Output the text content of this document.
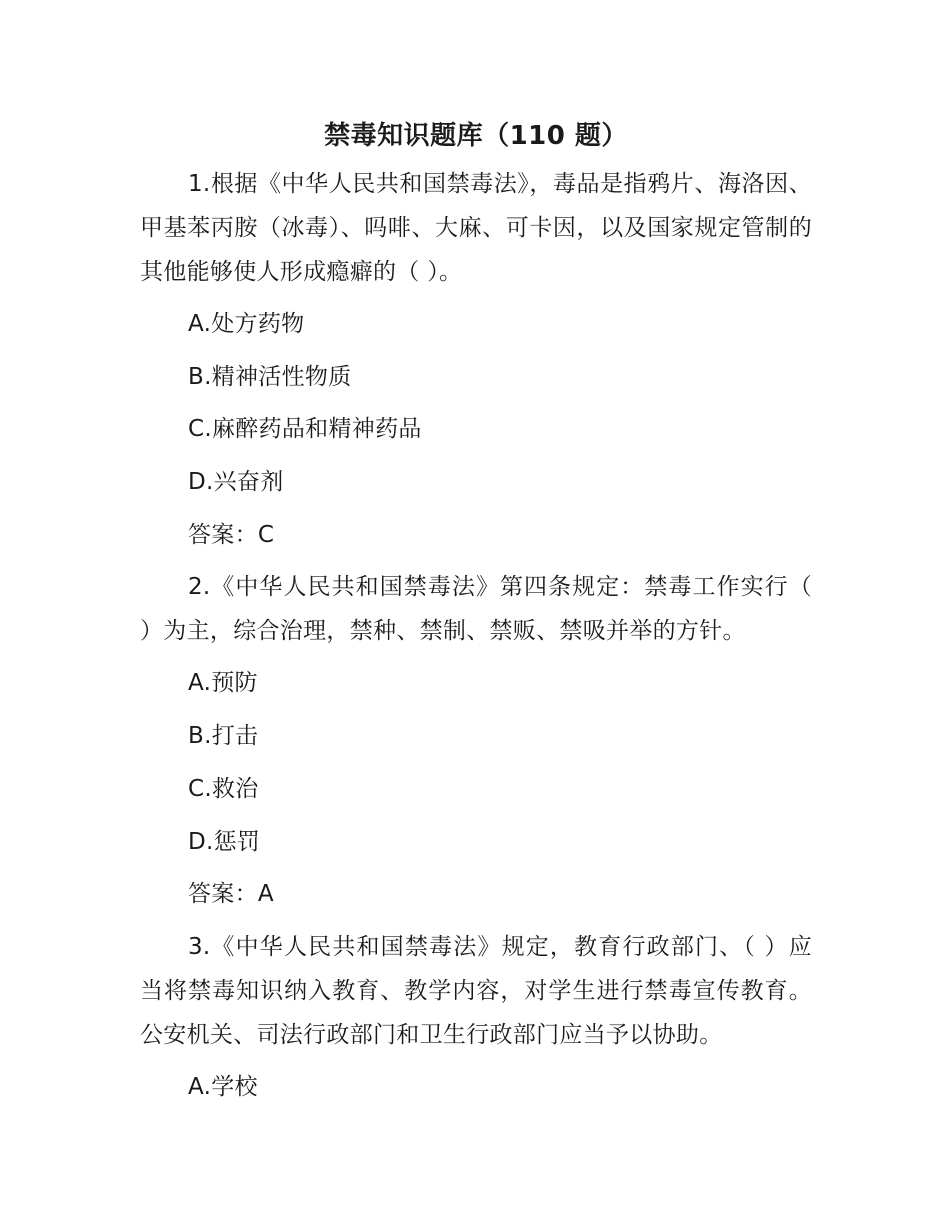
禁毒知识题库（110 题）

1.根据《中华人民共和国禁毒法》，毒品是指鸦片、海洛因、甲基苯丙胺（冰毒）、吗啡、大麻、可卡因，以及国家规定管制的其他能够使人形成瘾癖的（ ）。

A.处方药物

B.精神活性物质

C.麻醉药品和精神药品

D.兴奋剂

答案：C

2.《中华人民共和国禁毒法》第四条规定：禁毒工作实行（ ）为主，综合治理，禁种、禁制、禁贩、禁吸并举的方针。

A.预防

B.打击

C.救治

D.惩罚

答案：A

3.《中华人民共和国禁毒法》规定，教育行政部门、（ ）应当将禁毒知识纳入教育、教学内容，对学生进行禁毒宣传教育。公安机关、司法行政部门和卫生行政部门应当予以协助。

A.学校
